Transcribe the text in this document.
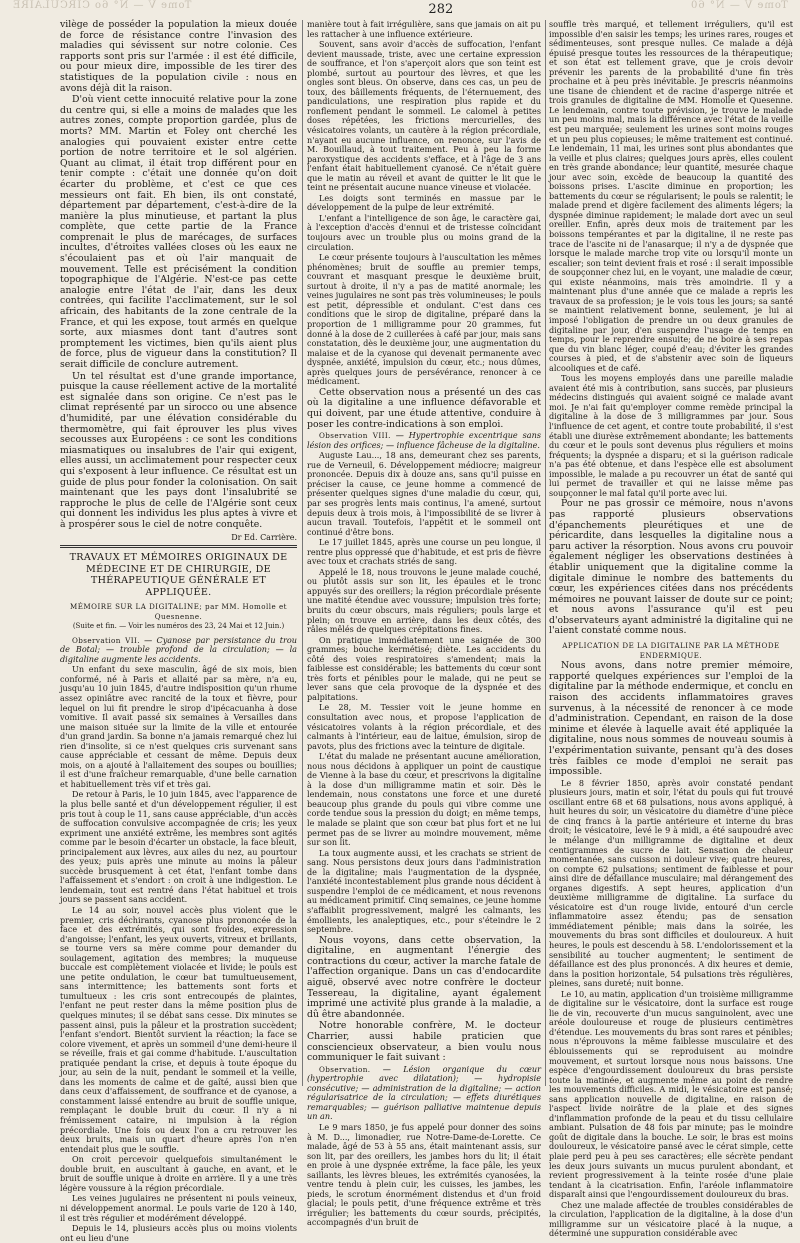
Tome V — N° 6o CIRCULAIRE	282	Tome V — N° 60

vilège de posséder la population la mieux douée de force de résistance contre l'invasion des maladies qui sévissent sur notre colonie. Ces rapports sont pris sur l'armée : il est été difficile, ou pour mieux dire, impossible de les tirer des statistiques de la population civile : nous en avons déjà dit la raison.

D'où vient cette innocuité relative pour la zone du centre qui, si elle a moins de malades que les autres zones, compte proportion gardée, plus de morts? MM. Martin et Foley ont cherché les analogies qui pouvaient exister entre cette portion de notre territoire et le sol algérien. Quant au climat, il était trop différent pour en tenir compte : c'était une donnée qu'on doit écarter du problème, et c'est ce que ces messieurs ont fait. Eh bien, ils ont constaté, département par département, c'est-à-dire de la manière la plus minutieuse, et partant la plus complète, que cette partie de la France comprenait le plus de marécages, de surfaces incultes, d'étroites vallées closes où les eaux ne s'écoulaient pas et où l'air manquait de mouvement. Telle est précisément la condition topographique de l'Algérie. N'est-ce pas cette analogie entre l'état de l'air, dans les deux contrées, qui facilite l'acclimatement, sur le sol africain, des habitants de la zone centrale de la France, et qui les expose, tout armés en quelque sorte, aux miasmes dont tant d'autres sont promptement les victimes, bien qu'ils aient plus de force, plus de vigueur dans la constitution? Il serait difficile de conclure autrement.

Un tel résultat est d'une grande importance, puisque la cause réellement active de la mortalité est signalée dans son origine. Ce n'est pas le climat représenté par un sirocco ou une absence d'humidité, par une élévation considérable du thermomètre, qui fait éprouver les plus vives secousses aux Européens : ce sont les conditions miasmatiques ou insalubres de l'air qui exigent, elles aussi, un acclimatement pour respecter ceux qui s'exposent à leur influence. Ce résultat est un guide de plus pour fonder la colonisation. On sait maintenant que les pays dont l'insalubrité se rapproche le plus de celle de l'Algérie sont ceux qui donnent les individus les plus aptes à vivre et à prospérer sous le ciel de notre conquête.

Dr Ed. Carrière.
TRAVAUX ET MÉMOIRES ORIGINAUX DE MÉDECINE ET DE CHIRURGIE, DE THÉRAPEUTIQUE GÉNÉRALE ET APPLIQUÉE.
MÉMOIRE SUR LA DIGITALINE; par MM. Homolle et Quesnenne.
(Suite et fin. — Voir les numéros des 23, 24 Mai et 12 Juin.)

Observation VII. — Cyanose par persistance du trou de Botal; — trouble profond de la circulation; — la digitaline augmente les accidents.

Un enfant du sexe masculin, âgé de six mois, bien conformé, né à Paris et allaité par sa mère, n'a eu, jusqu'au 10 juin 1845, d'autre indisposition qu'un rhume assez opiniâtre avec rancité de la toux et fièvre, pour lequel on lui fit prendre le sirop d'ipécacuanha à dose vomitive. Il avait passé six semaines à Versailles dans une maison située sur la limite de la ville et entourée d'un grand jardin. Sa bonne n'a jamais remarqué chez lui rien d'insolite, si ce n'est quelques cris survenant sans cause appréciable et cessant de même. Depuis deux mois, on a ajouté à l'allaitement des soupes ou bouillies; il est d'une fraîcheur remarquable, d'une belle carnation et habituellement très vif et très gai.

De retour à Paris, le 10 juin 1845, avec l'apparence de la plus belle santé et d'un développement régulier, il est pris tout à coup le 11, sans cause appréciable, d'un accès de suffocation convulsive accompagnée de cris; les yeux expriment une anxiété extrême, les membres sont agités comme par le besoin d'écarter un obstacle, la face bleuit, principalement aux lèvres, aux ailes du nez, au pourtour des yeux; puis après une minute au moins la pâleur succède brusquement à cet état, l'enfant tombe dans l'affaissement et s'endort : on croit à une indigestion. Le lendemain, tout est rentré dans l'état habituel et trois jours se passent sans accident.

Le 14 au soir, nouvel accès plus violent que le premier, cris déchirants, cyanose plus prononcée de la face et des extrémités, qui sont froides, expression d'angoisse; l'enfant, les yeux ouverts, vitreux et brillants, se tourne vers sa mère comme pour demander du soulagement, agitation des membres; la muqueuse buccale est complètement violacée et livide; le pouls est une petite ondulation, le cœur bat tumultueusement, sans intermittence; les battements sont forts et tumultueux : les cris sont entrecoupés de plaintes, l'enfant ne peut rester dans la même position plus de quelques minutes; il se débat sans cesse. Dix minutes se passent ainsi, puis la pâleur et la prostration succèdent; l'enfant s'endort. Bientôt survient la réaction; la face se colore vivement, et après un sommeil d'une demi-heure il se réveille, frais et gai comme d'habitude. L'auscultation pratiquée pendant la crise, et depuis à toute époque du jour, au sein de la nuit, pendant le sommeil et la veille, dans les moments de calme et de gaîté, aussi bien que dans ceux d'affaissement, de souffrance et de cyanose, a constamment laissé entendre au bruit de souffle unique, remplaçant le double bruit du cœur. Il n'y a ni frémissement cataire, ni impulsion à la région précordiale. Une fois ou deux l'on a cru retrouver les deux bruits, mais un quart d'heure après l'on n'en entendait plus que le souffle.

On croit percevoir quelquefois simultanément le double bruit, en auscultant à gauche, en avant, et le bruit de souffle unique à droite en arrière. Il y a une très légère voussure à la région précordiale.

Les veines jugulaires ne présentent ni pouls veineux, ni développement anormal. Le pouls varie de 120 à 140, il est très régulier et modérément développé.

Depuis le 14, plusieurs accès plus ou moins violents ont eu lieu d'une

manière tout à fait irrégulière, sans que jamais on ait pu les rattacher à une influence extérieure.

Souvent, sans avoir d'accès de suffocation, l'enfant devient maussade, triste, avec une certaine expression de souffrance, et l'on s'aperçoit alors que son teint est plombé, surtout au pourtour des lèvres, et que les ongles sont bleus. On observe, dans ces cas, un peu de toux, des bâillements fréquents, de l'éternuement, des pandiculations, une respiration plus rapide et du ronflement pendant le sommeil. Le calomel à petites doses répétées, les frictions mercurielles, des vésicatoires volants, un cautère à la région précordiale, n'ayant eu aucune influence, on renonce, sur l'avis de M. Bouillaud, à tout traitement. Peu à peu la forme paroxystique des accidents s'efface, et à l'âge de 3 ans l'enfant était habituellement cyanosé. Ce n'était guère que le matin au réveil et avant de quitter le lit que le teint ne présentait aucune nuance vineuse et violacée.

Les doigts sont terminés en massue par le développement de la pulpe de leur extrémité.

L'enfant a l'intelligence de son âge, le caractère gai, à l'exception d'accès d'ennui et de tristesse coïncidant toujours avec un trouble plus ou moins grand de la circulation.

Le cœur présente toujours à l'auscultation les mêmes phénomènes; bruit de souffle au premier temps, couvrant et masquant presque le deuxième bruit, surtout à droite, il n'y a pas de matité anormale; les veines jugulaires ne sont pas très volumineuses; le pouls est petit, dépressible et ondulant. C'est dans ces conditions que le sirop de digitaline, préparé dans la proportion de 1 milligramme pour 20 grammes, fut donné à la dose de 2 cuillerées à café par jour, mais sans constatation, dès le deuxième jour, une augmentation du malaise et de la cyanose qui devenait permanente avec dyspnée, anxiété, impulsion du cœur, etc.; nous dûmes, après quelques jours de persévérance, renoncer à ce médicament.

Cette observation nous a présenté un des cas où la digitaline a une influence défavorable et qui doivent, par une étude attentive, conduire à poser les contre-indications à son emploi.

Observation VIII. — Hypertrophie excentrique sans lésion des orifices; — influence fâcheuse de la digitaline.

Auguste Lau..., 18 ans, demeurant chez ses parents, rue de Verneuil, 6. Développement médiocre; maigreur prononcée. Depuis dix à douze ans, sans qu'il puisse en préciser la cause, ce jeune homme a commencé de présenter quelques signes d'une maladie du cœur, qui, par ses progrès lents mais continus, l'a amené, surtout depuis deux à trois mois, à l'impossibilité de se livrer à aucun travail. Toutefois, l'appétit et le sommeil ont continué d'être bons.

Le 17 juillet 1845, après une course un peu longue, il rentre plus oppressé que d'habitude, et est pris de fièvre avec toux et crachats striés de sang.

Appelé le 18, nous trouvons le jeune malade couché, ou plutôt assis sur son lit, les épaules et le tronc appuyés sur des oreillers; la région précordiale présente une matité étendue avec voussure; impulsion très forte; bruits du cœur obscurs, mais réguliers; pouls large et plein; on trouve en arrière, dans les deux côtés, des râles mêlés de quelques crépitations fines.

On pratique immédiatement une saignée de 300 grammes; bouche kermétisé; diète. Les accidents du côté des voies respiratoires s'amendent; mais la faiblesse est considérable; les battements du cœur sont très forts et pénibles pour le malade, qui ne peut se lever sans que cela provoque de la dyspnée et des palpitations.

Le 28, M. Tessier voit le jeune homme en consultation avec nous, et propose l'application de vésicatoires volants à la région précordiale, et des calmants à l'intérieur, eau de laitue, émulsion, sirop de pavots, plus des frictions avec la teinture de digitale.

L'état du malade ne présentant aucune amélioration, nous nous décidons à appliquer un point de caustique de Vienne à la base du cœur, et prescrivons la digitaline à la dose d'un milligramme matin et soir. Dès le lendemain, nous constatons une force et une dureté beaucoup plus grande du pouls qui vibre comme une corde tendue sous la pression du doigt; en même temps, le malade se plaint que son cœur bat plus fort et ne lui permet pas de se livrer au moindre mouvement, même sur son lit.

La toux augmente aussi, et les crachats se strient de sang. Nous persistons deux jours dans l'administration de la digitaline; mais l'augmentation de la dyspnée, l'anxiété incontestablement plus grande nous décident à suspendre l'emploi de ce médicament, et nous revenons au médicament primitif. Cinq semaines, ce jeune homme s'affaiblit progressivement, malgré les calmants, les émollients, les analeptiques, etc., pour s'éteindre le 2 septembre.

Nous voyons, dans cette observation, la digitaline, en augmentant l'énergie des contractions du cœur, activer la marche fatale de l'affection organique. Dans un cas d'endocardite aiguë, observé avec notre confrère le docteur Tessereau, la digitaline, ayant également imprimé une activité plus grande à la maladie, a dû être abandonnée.

Notre honorable confrère, M. le docteur Charrier, aussi habile praticien que consciencieux observateur, a bien voulu nous communiquer le fait suivant :

Observation. — Lésion organique du cœur (hypertrophie avec dilatation); — hydropisie consécutive; — administration de la digitaline; — action régularisatrice de la circulation; — effets diurétiques remarquables; — guérison palliative maintenue depuis un an.

Le 9 mars 1850, je fus appelé pour donner des soins à M. D..., limonadier, rue Notre-Dame-de-Lorette. Ce malade, âgé de 53 à 55 ans, était maintenant assis, sur son lit, par des oreillers, les jambes hors du lit; il était en proie à une dyspnée extrême, la face pâle, les yeux saillants, les lèvres bleues, les extrémités cyanosées, la ventre tendu à plein cuir, les cuisses, les jambes, les pieds, le scrotum énormément distendus et d'un froid glacial; le pouls petit, d'une fréquence extrême et très irrégulier; les battements du cœur sourds, précipités, accompagnés d'un bruit de

souffle très marqué, et tellement irréguliers, qu'il est impossible d'en saisir les temps; les urines rares, rouges et sédimenteuses, sont presque nulles. Ce malade a déjà épuisé presque toutes les ressources de la thérapeutique; et son état est tellement grave, que je crois devoir prévenir les parents de la probabilité d'une fin très prochaine et à peu près inévitable. Je prescris néanmoins une tisane de chiendent et de racine d'asperge nitrée et trois granules de digitaline de MM. Homolle et Quesenne. Le lendemain, contre toute prévision, je trouve le malade un peu moins mal, mais la différence avec l'état de la veille est peu marquée; seulement les urines sont moins rouges et un peu plus copieuses; le même traitement est continué. Le lendemain, 11 mai, les urines sont plus abondantes que la veille et plus claires; quelques jours après, elles coulent en très grande abondance; leur quantité, mesurée chaque jour avec soin, excède de beaucoup la quantité des boissons prises. L'ascite diminue en proportion; les battements du cœur se régularisent; le pouls se ralentit; le malade prend et digère facilement des aliments légers; la dyspnée diminue rapidement; le malade dort avec un seul oreiller. Enfin, après deux mois de traitement par les boissons tempérantes et par la digitaline, il ne reste pas trace de l'ascite ni de l'anasarque; il n'y a de dyspnée que lorsque le malade marche trop vite ou lorsqu'il monte un escalier; son teint devient frais et rosé : il serait impossible de soupçonner chez lui, en le voyant, une maladie de cœur, qui existe néanmoins, mais très amoindrie. Il y a maintenant plus d'une année que ce malade a repris les travaux de sa profession; je le vois tous les jours; sa santé se maintient relativement bonne, seulement, je lui ai imposé l'obligation de prendre un ou deux granules de digitaline par jour, d'en suspendre l'usage de temps en temps, pour le reprendre ensuite; de ne boire à ses repas que du vin blanc léger, coupé d'eau; d'éviter les grandes courses à pied, et de s'abstenir avec soin de liqueurs alcooliques et de café.

Tous les moyens employés dans une pareille maladie avaient été mis à contribution, sans succès, par plusieurs médecins distingués qui avaient soigné ce malade avant moi. Je n'ai fait qu'employer comme remède principal la digitaline à la dose de 3 milligrammes par jour. Sous l'influence de cet agent, et contre toute probabilité, il s'est établi une diurèse extrêmement abondante; les battements du cœur et le pouls sont devenus plus réguliers et moins fréquents; la dyspnée a disparu; et si la guérison radicale n'a pas été obtenue, et dans l'espèce elle est absolument impossible, le malade a pu recouvrer un état de santé qui lui permet de travailler et qui ne laisse même pas soupçonner le mal fatal qu'il porte avec lui.

Pour ne pas grossir ce mémoire, nous n'avons pas rapporté plusieurs observations d'épanchements pleurétiques et une de péricardite, dans lesquelles la digitaline nous a paru activer la résorption. Nous avons cru pouvoir également négliger les observations destinées à établir uniquement que la digitaline comme la digitale diminue le nombre des battements du cœur, les expériences citées dans nos précédents mémoires ne pouvant laisser de doute sur ce point; et nous avons l'assurance qu'il est peu d'observateurs ayant administré la digitaline qui ne l'aient constaté comme nous.

APPLICATION DE LA DIGITALINE PAR LA MÉTHODE ENDERMIQUE.

Nous avons, dans notre premier mémoire, rapporté quelques expériences sur l'emploi de la digitaline par la méthode endermique, et conclu en raison des accidents inflammatoires graves survenus, à la nécessité de renoncer à ce mode d'administration. Cependant, en raison de la dose minime et élevée à laquelle avait été appliquée la digitaline, nous nous sommes de nouveau soumis à l'expérimentation suivante, pensant qu'à des doses très faibles ce mode d'emploi ne serait pas impossible.

Le 8 février 1850, après avoir constaté pendant plusieurs jours, matin et soir, l'état du pouls qui fut trouvé oscillant entre 68 et 68 pulsations, nous avons appliqué, à huit heures du soir, un vésicatoire du diamètre d'une pièce de cinq francs à la partie antérieure et interne du bras droit; le vésicatoire, levé le 9 à midi, a été saupoudré avec le mélange d'un milligramme de digitaline et deux centigrammes de sucre de lait. Sensation de chaleur momentanée, sans cuisson ni douleur vive; quatre heures, on compte 62 pulsations; sentiment de faiblesse et pour ainsi dire de défaillance musculaire; mal dérangement des organes digestifs. A sept heures, application d'un deuxième milligramme de digitaline. La surface du vésicatoire est d'un rouge livide, entouré d'un cercle inflammatoire assez étendu; pas de sensation immédiatement pénible; mais dans la soirée, les mouvements du bras sont difficiles et douloureux. A huit heures, le pouls est descendu à 58. L'endolorissement et la sensibilité au toucher augmentent; le sentiment de défaillance est des plus prononcés. A dix heures et demie, dans la position horizontale, 54 pulsations très régulières, pleines, sans dureté; nuit bonne.

Le 10, au matin, application d'un troisième milligramme de digitaline sur le vésicatoire, dont la surface est rouge lie de vin, recouverte d'un mucus sanguinolent, avec une aréole douloureuse et rouge de plusieurs centimètres d'étendue. Les mouvements du bras sont rares et pénibles; nous n'éprouvons la même faiblesse musculaire et des éblouissements qui se reproduisent au moindre mouvement, et surtout lorsque nous nous baissons. Une espèce d'engourdissement douloureux du bras persiste toute la matinée, et augmente même au point de rendre les mouvements difficiles. A midi, le vésicatoire est pansé; sans application nouvelle de digitaline, en raison de l'aspect livide noirâtre de la plaie et des signes d'inflammation profonde de la peau et du tissu cellulaire ambiant. Pulsation de 48 fois par minute; pas le moindre goût de digitale dans la bouche. Le soir, le bras est moins douloureux, le vésicatoire pansé avec le cérat simple, cette plaie perd peu à peu ses caractères; elle sécrète pendant les deux jours suivants un mucus purulent abondant, et revient progressivement à la teinte rosée d'une plaie tendant à la cicatrisation. Enfin, l'aréole inflammatoire disparaît ainsi que l'engourdissement douloureux du bras.

Chez une malade affectée de troubles considérables de la circulation, l'application de la digitaline, à la dose d'un milligramme sur un vésicatoire placé à la nuque, a déterminé une suppuration considérable avec
